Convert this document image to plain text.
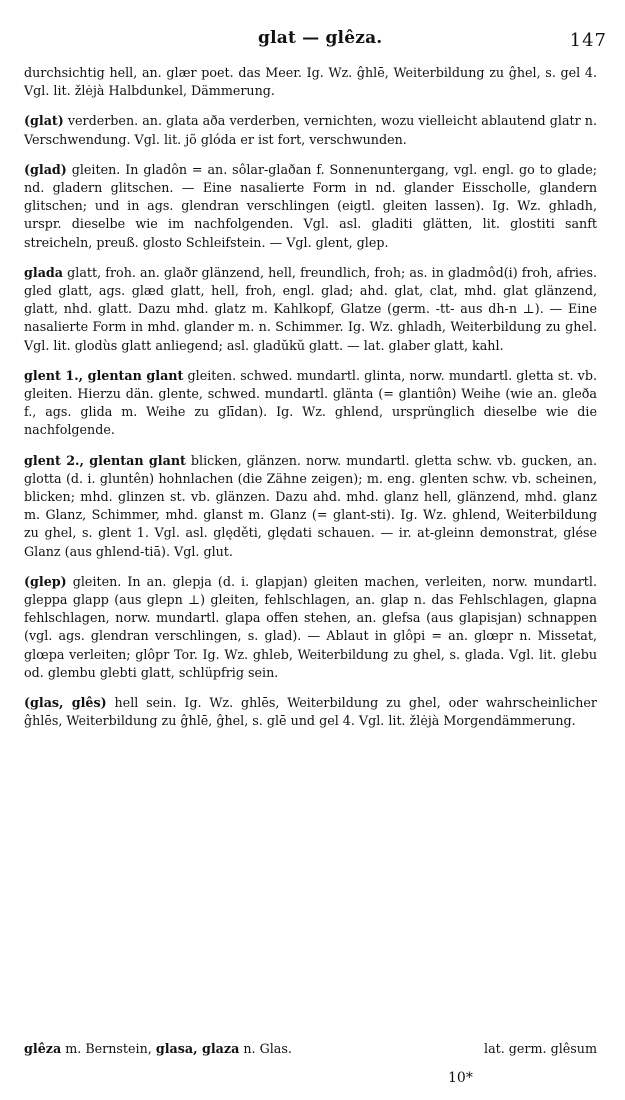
glat — glêza.	147

durchsichtig hell, an. glær poet. das Meer. Ig. Wz. ĝhlē, Weiterbildung zu ĝhel, s. gel 4. Vgl. lit. žlėjà Halbdunkel, Dämmerung.

(glat) verderben. an. glata aða verderben, vernichten, wozu vielleicht ablautend glatr n. Verschwendung. Vgl. lit. jõ glóda er ist fort, verschwunden.

(glad) gleiten. In gladôn = an. sôlar-glaðan f. Sonnenuntergang, vgl. engl. go to glade; nd. gladern glitschen. — Eine nasalierte Form in nd. glander Eisscholle, glandern glitschen; und in ags. glendran verschlingen (eigtl. gleiten lassen). Ig. Wz. ghladh, urspr. dieselbe wie im nachfolgenden. Vgl. asl. gladiti glätten, lit. glostiti sanft streicheln, preuß. glosto Schleifstein. — Vgl. glent, glep.

glada glatt, froh. an. glaðr glänzend, hell, freundlich, froh; as. in gladmôd(i) froh, afries. gled glatt, ags. glæd glatt, hell, froh, engl. glad; ahd. glat, clat, mhd. glat glänzend, glatt, nhd. glatt. Dazu mhd. glatz m. Kahlkopf, Glatze (germ. -tt- aus dh-n ⊥). — Eine nasalierte Form in mhd. glander m. n. Schimmer. Ig. Wz. ghladh, Weiterbildung zu ghel. Vgl. lit. glodùs glatt anliegend; asl. gladŭkŭ glatt. — lat. glaber glatt, kahl.

glent 1., glentan glant gleiten. schwed. mundartl. glinta, norw. mundartl. gletta st. vb. gleiten. Hierzu dän. glente, schwed. mundartl. glänta (= glantiôn) Weihe (wie an. gleða f., ags. glida m. Weihe zu glīdan). Ig. Wz. ghlend, ursprünglich dieselbe wie die nachfolgende.

glent 2., glentan glant blicken, glänzen. norw. mundartl. gletta schw. vb. gucken, an. glotta (d. i. gluntên) hohnlachen (die Zähne zeigen); m. eng. glenten schw. vb. scheinen, blicken; mhd. glinzen st. vb. glänzen. Dazu ahd. mhd. glanz hell, glänzend, mhd. glanz m. Glanz, Schimmer, mhd. glanst m. Glanz (= glant-sti). Ig. Wz. ghlend, Weiterbildung zu ghel, s. glent 1. Vgl. asl. ględěti, ględati schauen. — ir. at-gleinn demonstrat, glése Glanz (aus ghlend-tiā). Vgl. glut.

(glep) gleiten. In an. glepja (d. i. glapjan) gleiten machen, verleiten, norw. mundartl. gleppa glapp (aus glepn ⊥) gleiten, fehlschlagen, an. glap n. das Fehlschlagen, glapna fehlschlagen, norw. mundartl. glapa offen stehen, an. glefsa (aus glapisjan) schnappen (vgl. ags. glendran verschlingen, s. glad). — Ablaut in glôpi = an. glœpr n. Missetat, glœpa verleiten; glôpr Tor. Ig. Wz. ghleb, Weiterbildung zu ghel, s. glada. Vgl. lit. glebu od. glembu glebti glatt, schlüpfrig sein.

(glas, glês) hell sein. Ig. Wz. ghlēs, Weiterbildung zu ghel, oder wahrscheinlicher ĝhlēs, Weiterbildung zu ĝhlē, ĝhel, s. glē und gel 4. Vgl. lit. žlėjà Morgendämmerung.

glêza m. Bernstein, glasa, glaza n. Glas.	lat. germ. glêsum
10*
